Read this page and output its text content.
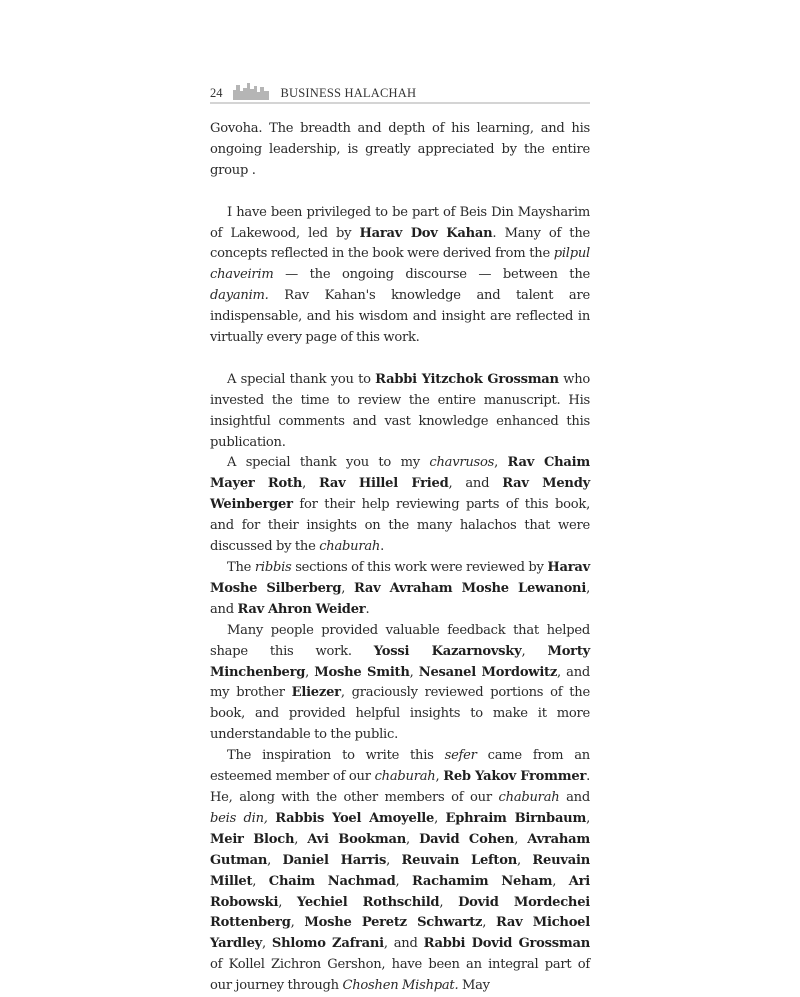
24	BUSINESS HALACHAH

Govoha. The breadth and depth of his learning, and his ongoing leadership, is greatly appreciated by the entire group .

I have been privileged to be part of Beis Din Maysharim of Lakewood, led by Harav Dov Kahan. Many of the concepts reflected in the book were derived from the pilpul chaveirim — the ongoing discourse — between the dayanim. Rav Kahan's knowledge and talent are indispensable, and his wisdom and insight are reflected in virtually every page of this work.

A special thank you to Rabbi Yitzchok Grossman who invested the time to review the entire manuscript. His insightful comments and vast knowledge enhanced this publication.

A special thank you to my chavrusos, Rav Chaim Mayer Roth, Rav Hillel Fried, and Rav Mendy Weinberger for their help reviewing parts of this book, and for their insights on the many halachos that were discussed by the chaburah.

The ribbis sections of this work were reviewed by Harav Moshe Silberberg, Rav Avraham Moshe Lewanoni, and Rav Ahron Weider.

Many people provided valuable feedback that helped shape this work. Yossi Kazarnovsky, Morty Minchenberg, Moshe Smith, Nesanel Mordowitz, and my brother Eliezer, graciously reviewed portions of the book, and provided helpful insights to make it more understandable to the public.

The inspiration to write this sefer came from an esteemed member of our chaburah, Reb Yakov Frommer. He, along with the other members of our chaburah and beis din, Rabbis Yoel Amoyelle, Ephraim Birnbaum, Meir Bloch, Avi Bookman, David Cohen, Avraham Gutman, Daniel Harris, Reuvain Lefton, Reuvain Millet, Chaim Nachmad, Rachamim Neham, Ari Robowski, Yechiel Rothschild, Dovid Mordechei Rottenberg, Moshe Peretz Schwartz, Rav Michoel Yardley, Shlomo Zafrani, and Rabbi Dovid Grossman of Kollel Zichron Gershon, have been an integral part of our journey through Choshen Mishpat. May
